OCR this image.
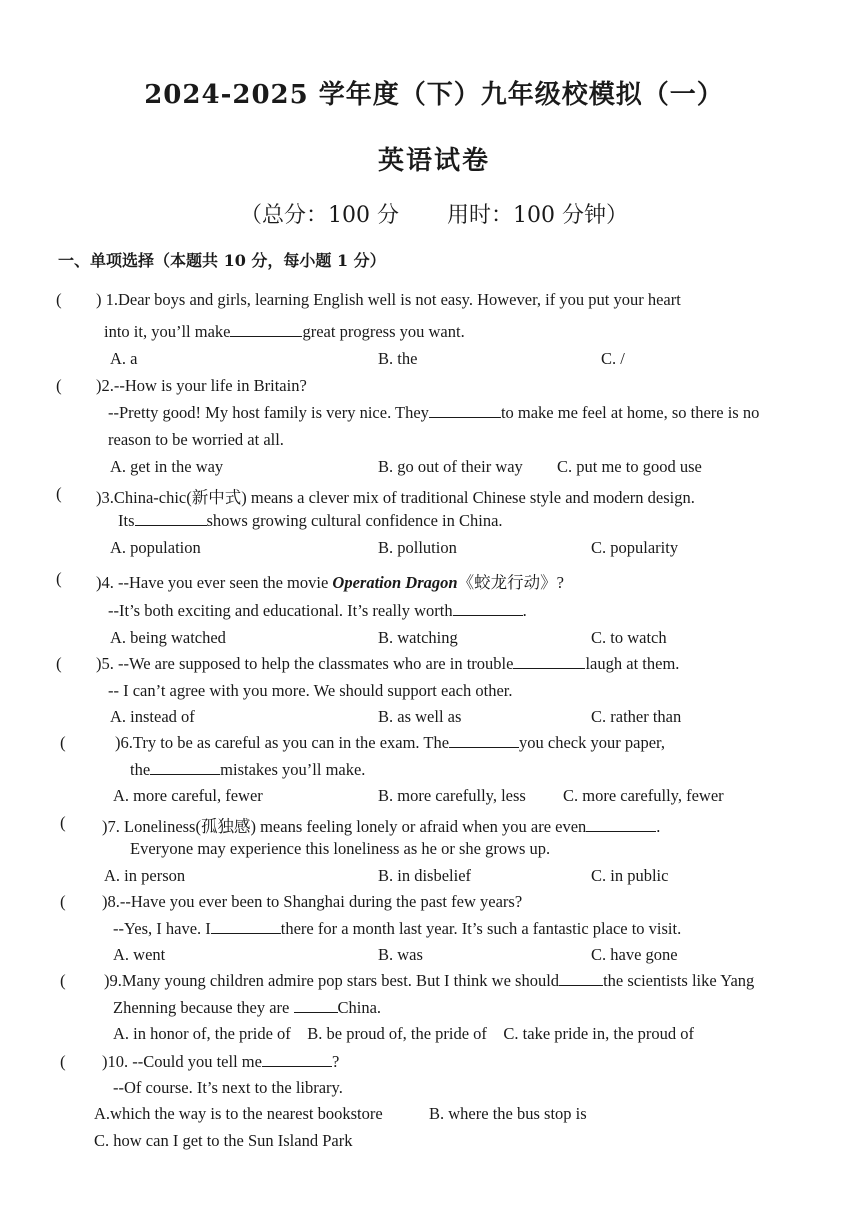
2024-2025 学年度（下）九年级校模拟（一）
英语试卷
（总分：100 分 用时：100 分钟）
一、单项选择（本题共 10 分，每小题 1 分）
( ) 1.Dear boys and girls, learning English well is not easy. However, if you put your heart
into it, you’ll make	great progress you want.
A. a	B. the	C. /
( )2.--How is your life in Britain?
--Pretty good! My host family is very nice. They	to make me feel at home, so there is no
reason to be worried at all.
A. get in the way	B. go out of their way C. put me to good use
( )3.China-chic(新中式) means a clever mix of traditional Chinese style and modern design.
Its	shows growing cultural confidence in China.
A. population	B. pollution	C. popularity
( )4. --Have you ever seen the movie Operation Dragon《蛟龙行动》?
--It’s both exciting and educational. It’s really worth	.
A. being watched	B. watching	C. to watch
( )5. --We are supposed to help the classmates who are in trouble	laugh at them.
-- I can’t agree with you more. We should support each other.
A. instead of	B. as well as	C. rather than
(	)6.Try to be as careful as you can in the exam. The	you check your paper,
the	mistakes you’ll make.
A. more careful, fewer	B. more carefully, less C. more carefully, fewer
( )7. Loneliness(孤独感) means feeling lonely or afraid when you are even	.
Everyone may experience this loneliness as he or she grows up.
A. in person	B. in disbelief	C. in public
( )8.--Have you ever been to Shanghai during the past few years?
--Yes, I have. I	there for a month last year. It’s such a fantastic place to visit.
A. went	B. was	C. have gone
( )9.Many young children admire pop stars best. But I think we should	the scientists like Yang
Zhenning because they are	China.
A. in honor of, the pride of    B. be proud of, the pride of    C. take pride in, the proud of
( )10. --Could you tell me	?
--Of course. It’s next to the library.
A.which the way is to the nearest bookstore	B. where the bus stop is
C. how can I get to the Sun Island Park
